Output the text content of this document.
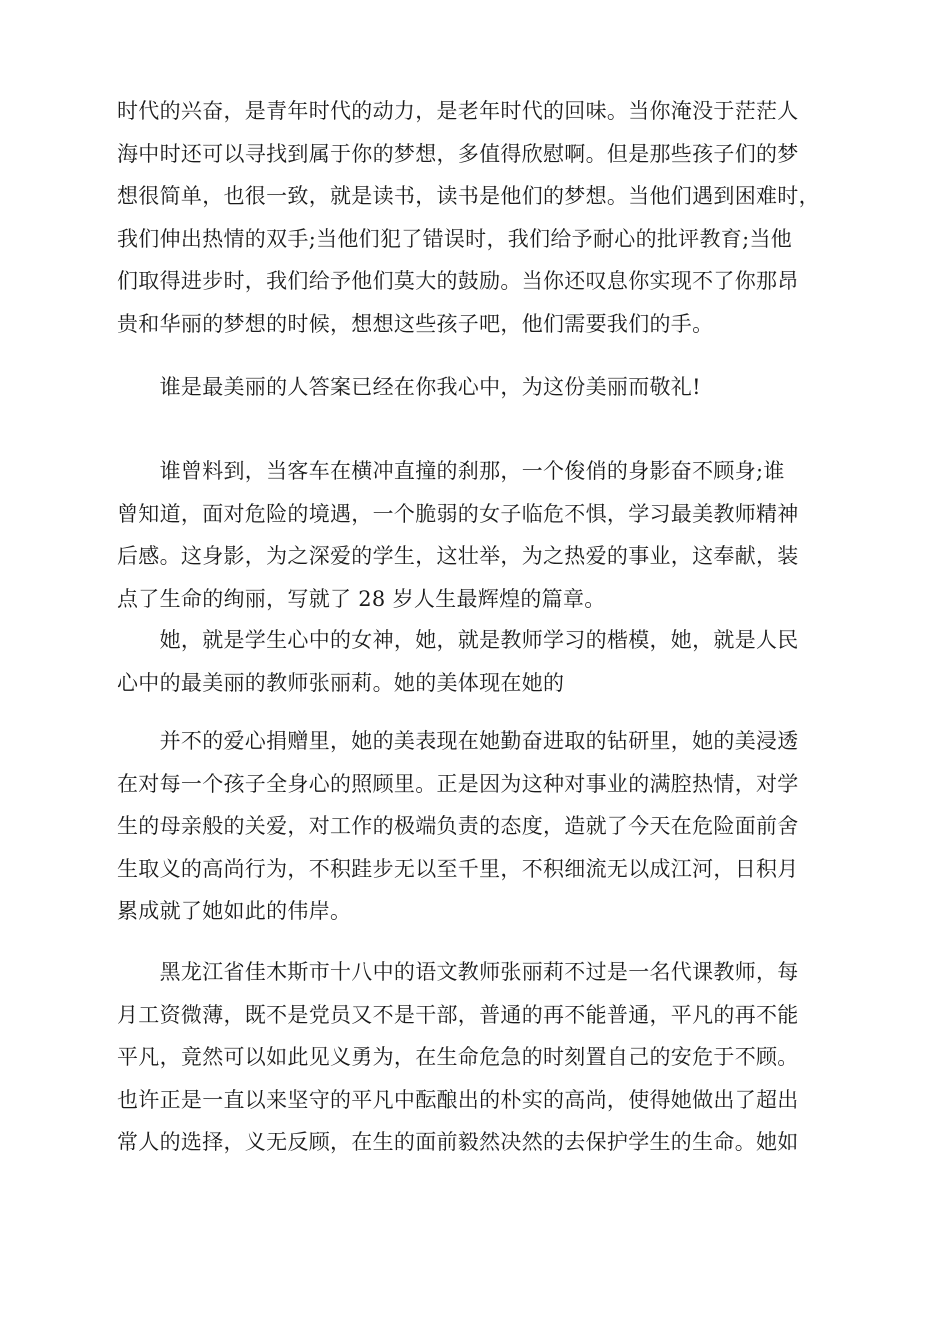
时代的兴奋，是青年时代的动力，是老年时代的回味。当你淹没于茫茫人
海中时还可以寻找到属于你的梦想，多值得欣慰啊。但是那些孩子们的梦
想很简单，也很一致，就是读书，读书是他们的梦想。当他们遇到困难时，
我们伸出热情的双手;当他们犯了错误时，我们给予耐心的批评教育;当他
们取得进步时，我们给予他们莫大的鼓励。当你还叹息你实现不了你那昂
贵和华丽的梦想的时候，想想这些孩子吧，他们需要我们的手。
　　谁是最美丽的人答案已经在你我心中，为这份美丽而敬礼!
　　谁曾料到，当客车在横冲直撞的刹那，一个俊俏的身影奋不顾身;谁
曾知道，面对危险的境遇，一个脆弱的女子临危不惧，学习最美教师精神
后感。这身影，为之深爱的学生，这壮举，为之热爱的事业，这奉献，装
点了生命的绚丽，写就了 28 岁人生最辉煌的篇章。
　　她，就是学生心中的女神，她，就是教师学习的楷模，她，就是人民
心中的最美丽的教师张丽莉。她的美体现在她的
　　并不的爱心捐赠里，她的美表现在她勤奋进取的钻研里，她的美浸透
在对每一个孩子全身心的照顾里。正是因为这种对事业的满腔热情，对学
生的母亲般的关爱，对工作的极端负责的态度，造就了今天在危险面前舍
生取义的高尚行为，不积跬步无以至千里，不积细流无以成江河，日积月
累成就了她如此的伟岸。
　　黑龙江省佳木斯市十八中的语文教师张丽莉不过是一名代课教师，每
月工资微薄，既不是党员又不是干部，普通的再不能普通，平凡的再不能
平凡，竟然可以如此见义勇为，在生命危急的时刻置自己的安危于不顾。
也许正是一直以来坚守的平凡中酝酿出的朴实的高尚，使得她做出了超出
常人的选择，义无反顾，在生的面前毅然决然的去保护学生的生命。她如
